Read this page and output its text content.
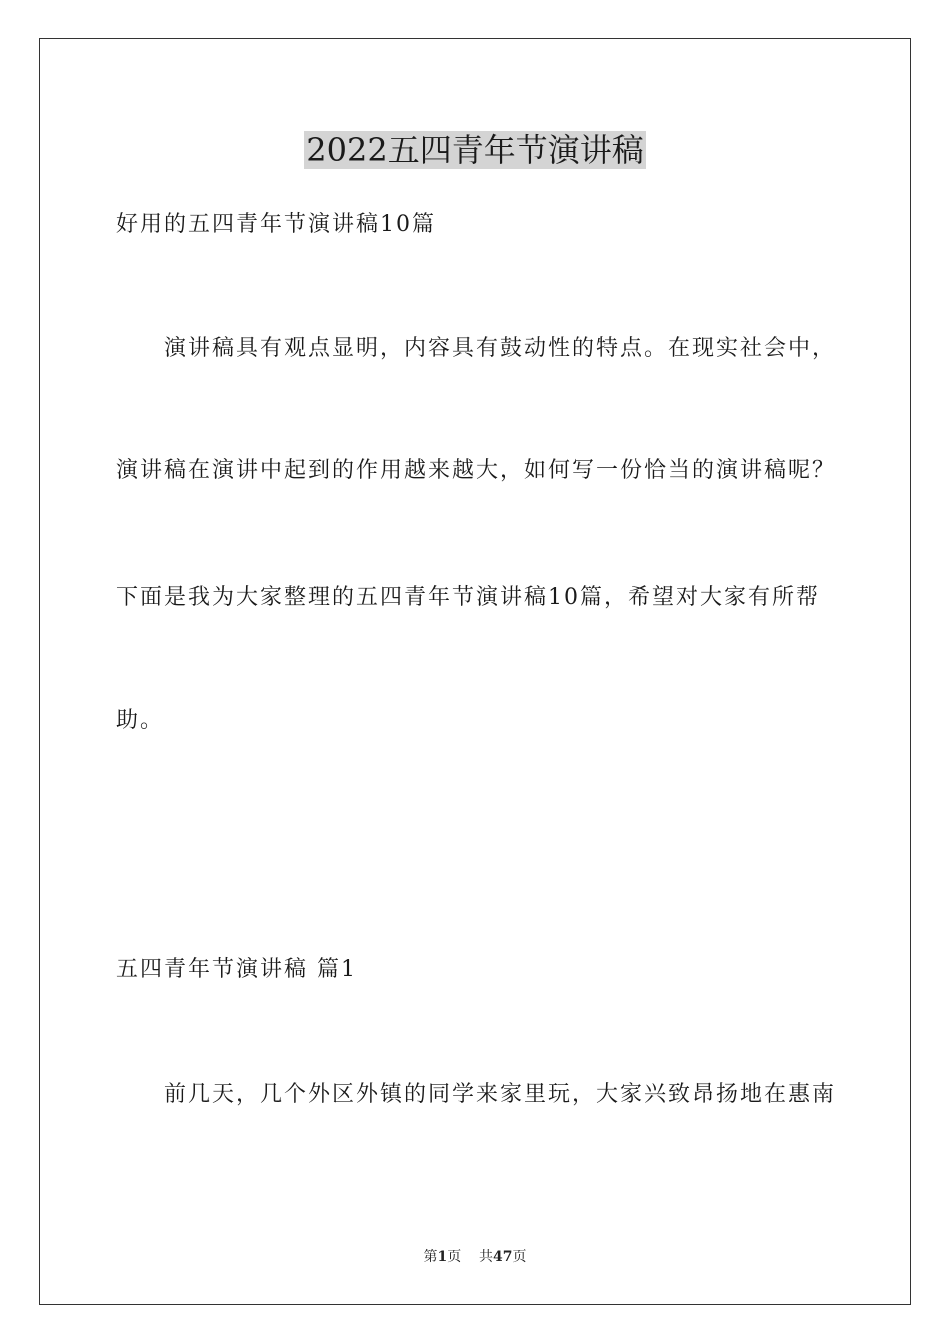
2022五四青年节演讲稿

好用的五四青年节演讲稿10篇

演讲稿具有观点显明，内容具有鼓动性的特点。在现实社会中，

演讲稿在演讲中起到的作用越来越大，如何写一份恰当的演讲稿呢？

下面是我为大家整理的五四青年节演讲稿10篇，希望对大家有所帮

助。

五四青年节演讲稿 篇1

前几天，几个外区外镇的同学来家里玩，大家兴致昂扬地在惠南

第1页 共47页
